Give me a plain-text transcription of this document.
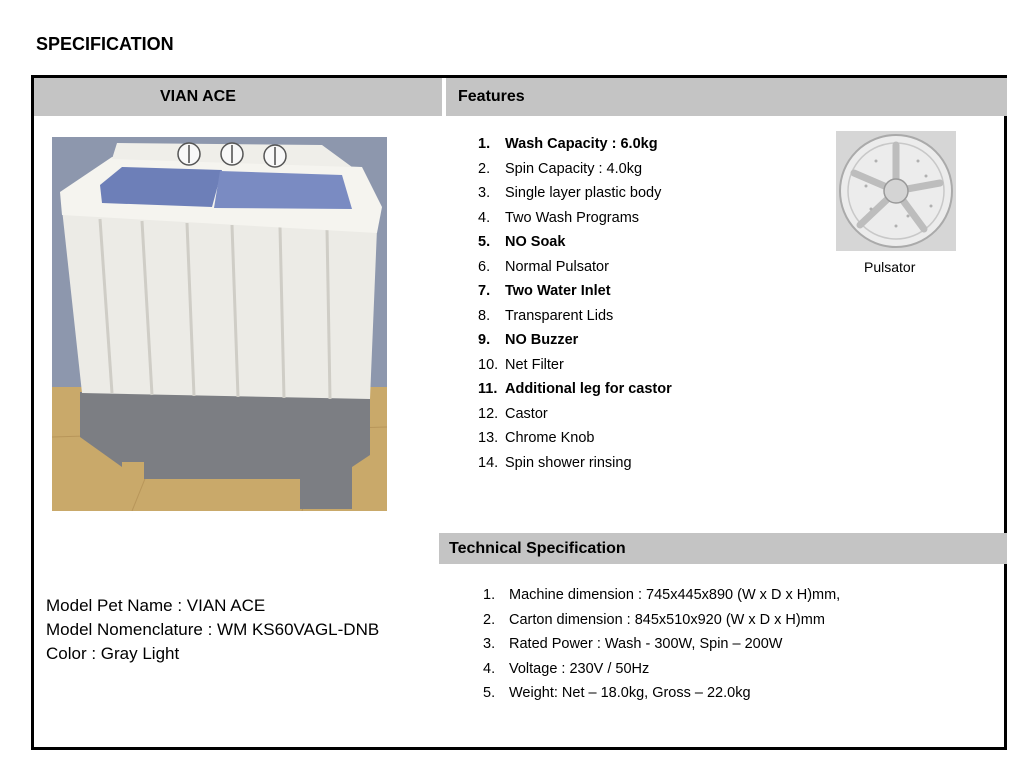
SPECIFICATION
VIAN ACE	Features
1. Wash Capacity : 6.0kg
2. Spin Capacity : 4.0kg
3. Single layer plastic body
4. Two Wash Programs
5. NO Soak
6. Normal Pulsator
7. Two Water Inlet
8. Transparent Lids
9. NO Buzzer
10. Net Filter
11. Additional leg for castor
12. Castor
13. Chrome Knob
14. Spin shower rinsing
Pulsator
Technical Specification
1. Machine dimension : 745x445x890 (W x D x H)mm,
2. Carton dimension : 845x510x920 (W x D x H)mm
3. Rated Power : Wash - 300W, Spin – 200W
4. Voltage : 230V / 50Hz
5. Weight: Net – 18.0kg, Gross – 22.0kg
Model Pet Name : VIAN ACE
Model Nomenclature : WM KS60VAGL-DNB
Color : Gray Light
